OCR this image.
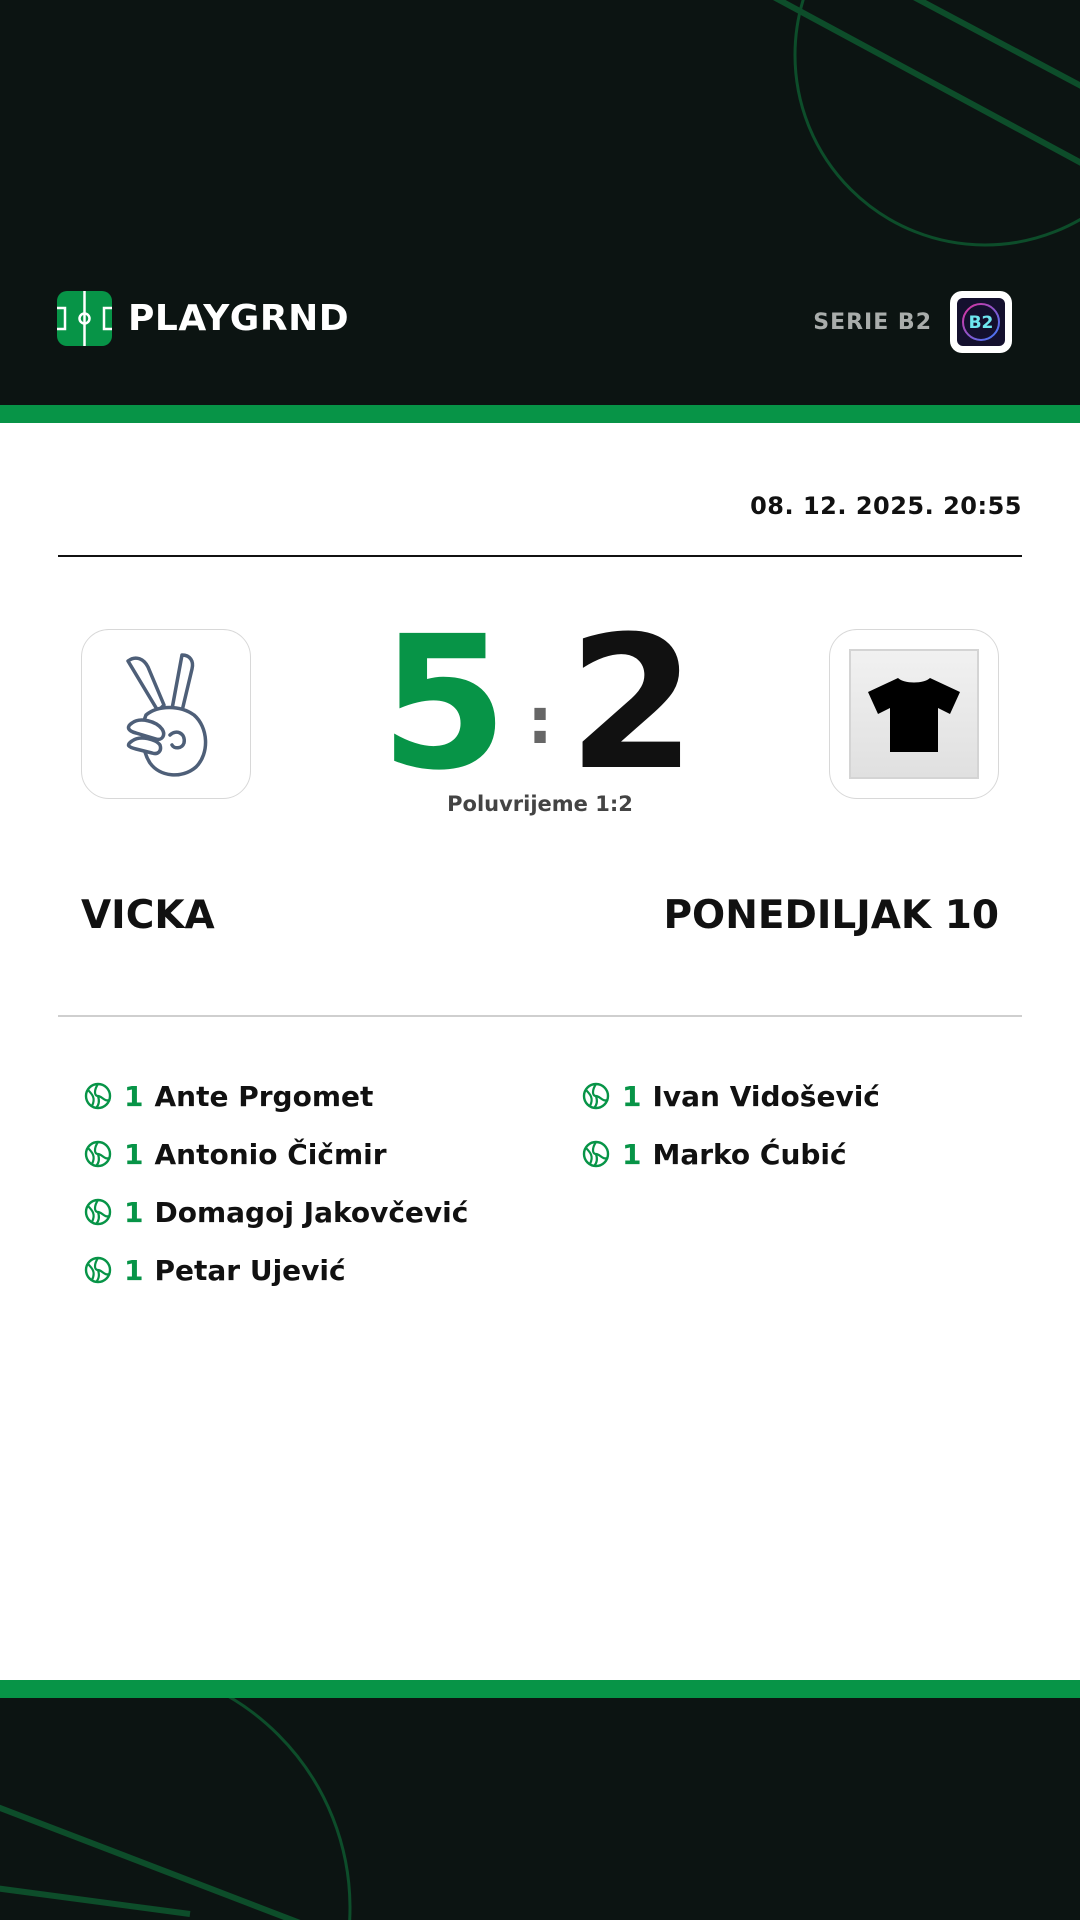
PLAYGRND	SERIE B2 B2
08. 12. 2025. 20:55
5 : 2
Poluvrijeme 1:2
VICKA	PONEDILJAK 10
1 Ante Prgomet
1 Antonio Čičmir
1 Domagoj Jakovčević
1 Petar Ujević
1 Ivan Vidošević
1 Marko Ćubić
